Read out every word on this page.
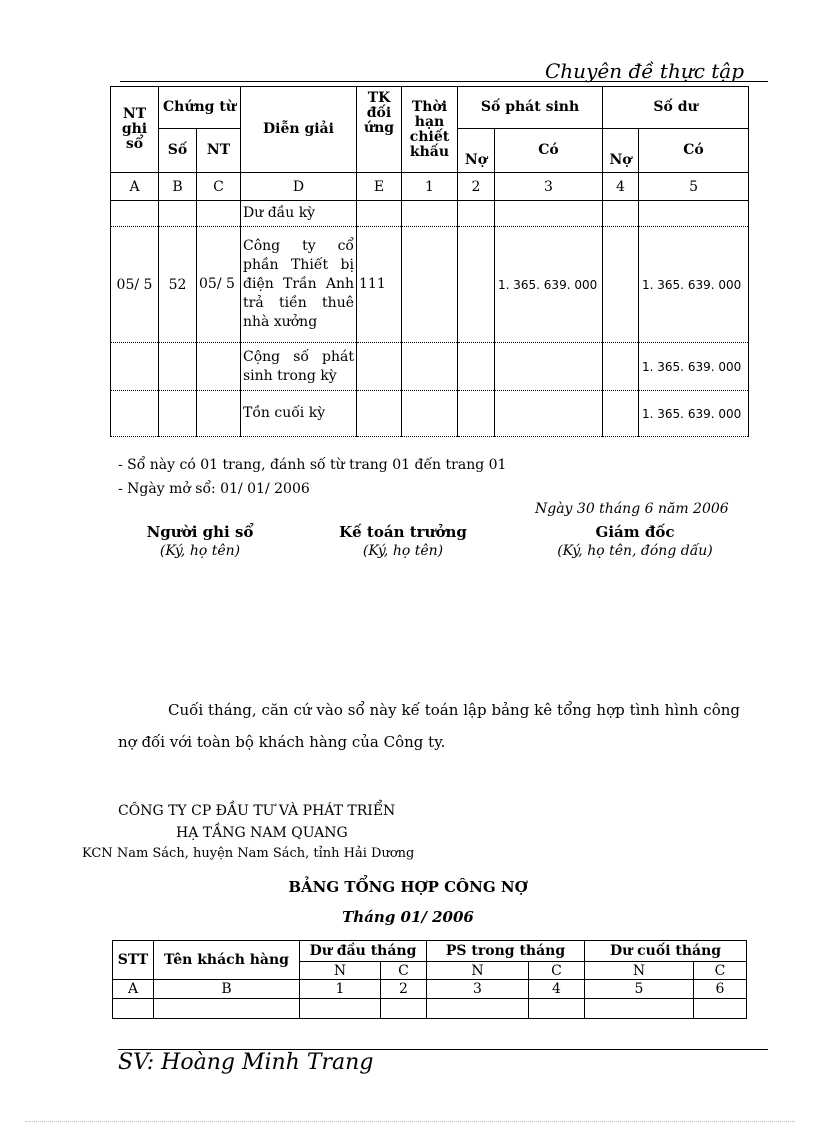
Chuyên đề thực tập
NT ghi sổ	Chứng từ		Diễn giải	TK đối ứng	Thời hạn chiết khấu	Số phát sinh		Số dư	
	Số	NT				Nợ	Có	Nợ	Có
A	B	C	D	E	1	2	3	4	5
			Dư đầu kỳ						
05/ 5	52	05/ 5	Công ty cổ phần Thiết bị điện Trần Anh trả tiền thuê nhà xưởng	111			1. 365. 639. 000		1. 365. 639. 000
			Cộng số phát sinh trong kỳ						1. 365. 639. 000
			Tồn cuối kỳ						1. 365. 639. 000
- Sổ này có 01 trang, đánh số từ trang 01 đến trang 01
- Ngày mở sổ: 01/ 01/ 2006
Ngày 30 tháng 6 năm 2006
Người ghi sổ
(Ký, họ tên)
Kế toán trưởng
(Ký, họ tên)
Giám đốc
(Ký, họ tên, đóng dấu)
Cuối tháng, căn cứ vào sổ này kế toán lập bảng kê tổng hợp tình hình công nợ đối với toàn bộ khách hàng của Công ty.
CÔNG TY CP ĐẦU TƯ VÀ PHÁT TRIỂN
HẠ TẦNG NAM QUANG
KCN Nam Sách, huyện Nam Sách, tỉnh Hải Dương
BẢNG TỔNG HỢP CÔNG NỢ
Tháng 01/ 2006
STT	Tên khách hàng	Dư đầu tháng		PS trong tháng		Dư cuối tháng	
		N	C	N	C	N	C
A	B	1	2	3	4	5	6

SV: Hoàng Minh Trang
